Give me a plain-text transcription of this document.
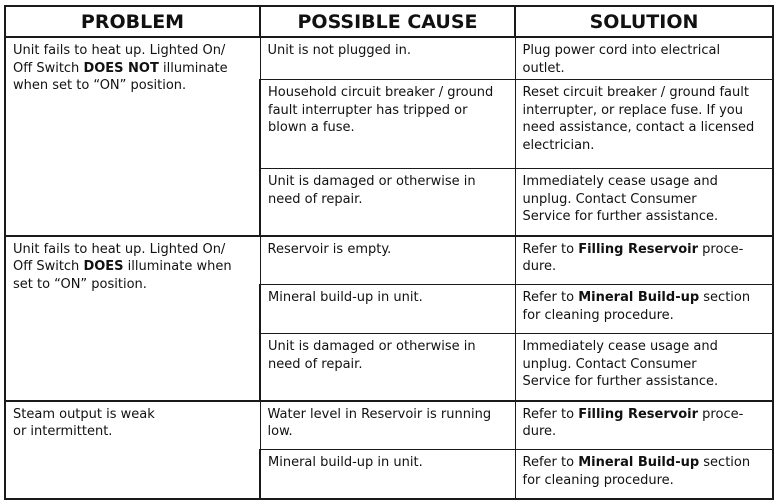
PROBLEM	POSSIBLE CAUSE	SOLUTION

Unit fails to heat up. Lighted On/
Off Switch DOES NOT illuminate
when set to “ON” position.	Unit is not plugged in.	Plug power cord into electrical outlet.

	Household circuit breaker / ground
fault interrupter has tripped or
blown a fuse.	Reset circuit breaker / ground fault
interrupter, or replace fuse. If you
need assistance, contact a licensed
electrician.

	Unit is damaged or otherwise in
need of repair.	Immediately cease usage and
unplug. Contact Consumer
Service for further assistance.

Unit fails to heat up. Lighted On/
Off Switch DOES illuminate when
set to “ON” position.	Reservoir is empty.	Refer to Filling Reservoir proce-
dure.

	Mineral build-up in unit.	Refer to Mineral Build-up section
for cleaning procedure.

	Unit is damaged or otherwise in
need of repair.	Immediately cease usage and
unplug. Contact Consumer
Service for further assistance.

Steam output is weak
or intermittent.	Water level in Reservoir is running
low.	Refer to Filling Reservoir proce-
dure.

	Mineral build-up in unit.	Refer to Mineral Build-up section
for cleaning procedure.
